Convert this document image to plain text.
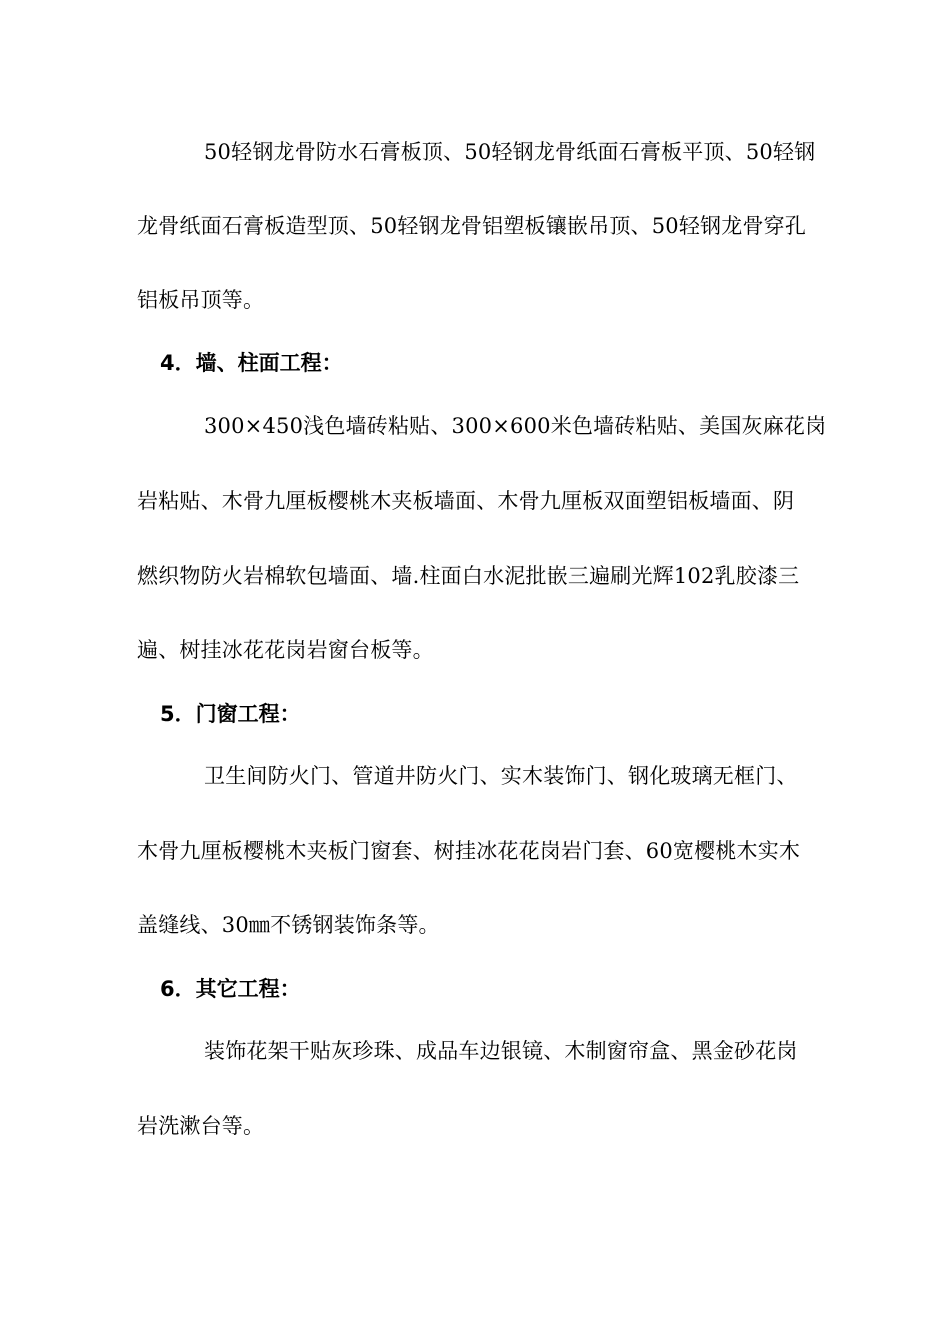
50轻钢龙骨防水石膏板顶、50轻钢龙骨纸面石膏板平顶、50轻钢
龙骨纸面石膏板造型顶、50轻钢龙骨铝塑板镶嵌吊顶、50轻钢龙骨穿孔
铝板吊顶等。
4．墙、柱面工程：
300×450浅色墙砖粘贴、300×600米色墙砖粘贴、美国灰麻花岗
岩粘贴、木骨九厘板樱桃木夹板墙面、木骨九厘板双面塑铝板墙面、阴
燃织物防火岩棉软包墙面、墙.柱面白水泥批嵌三遍刷光辉102乳胶漆三
遍、树挂冰花花岗岩窗台板等。
5．门窗工程：
卫生间防火门、管道井防火门、实木装饰门、钢化玻璃无框门、
木骨九厘板樱桃木夹板门窗套、树挂冰花花岗岩门套、60宽樱桃木实木
盖缝线、30㎜不锈钢装饰条等。
6．其它工程：
装饰花架干贴灰珍珠、成品车边银镜、木制窗帘盒、黑金砂花岗
岩洗漱台等。
